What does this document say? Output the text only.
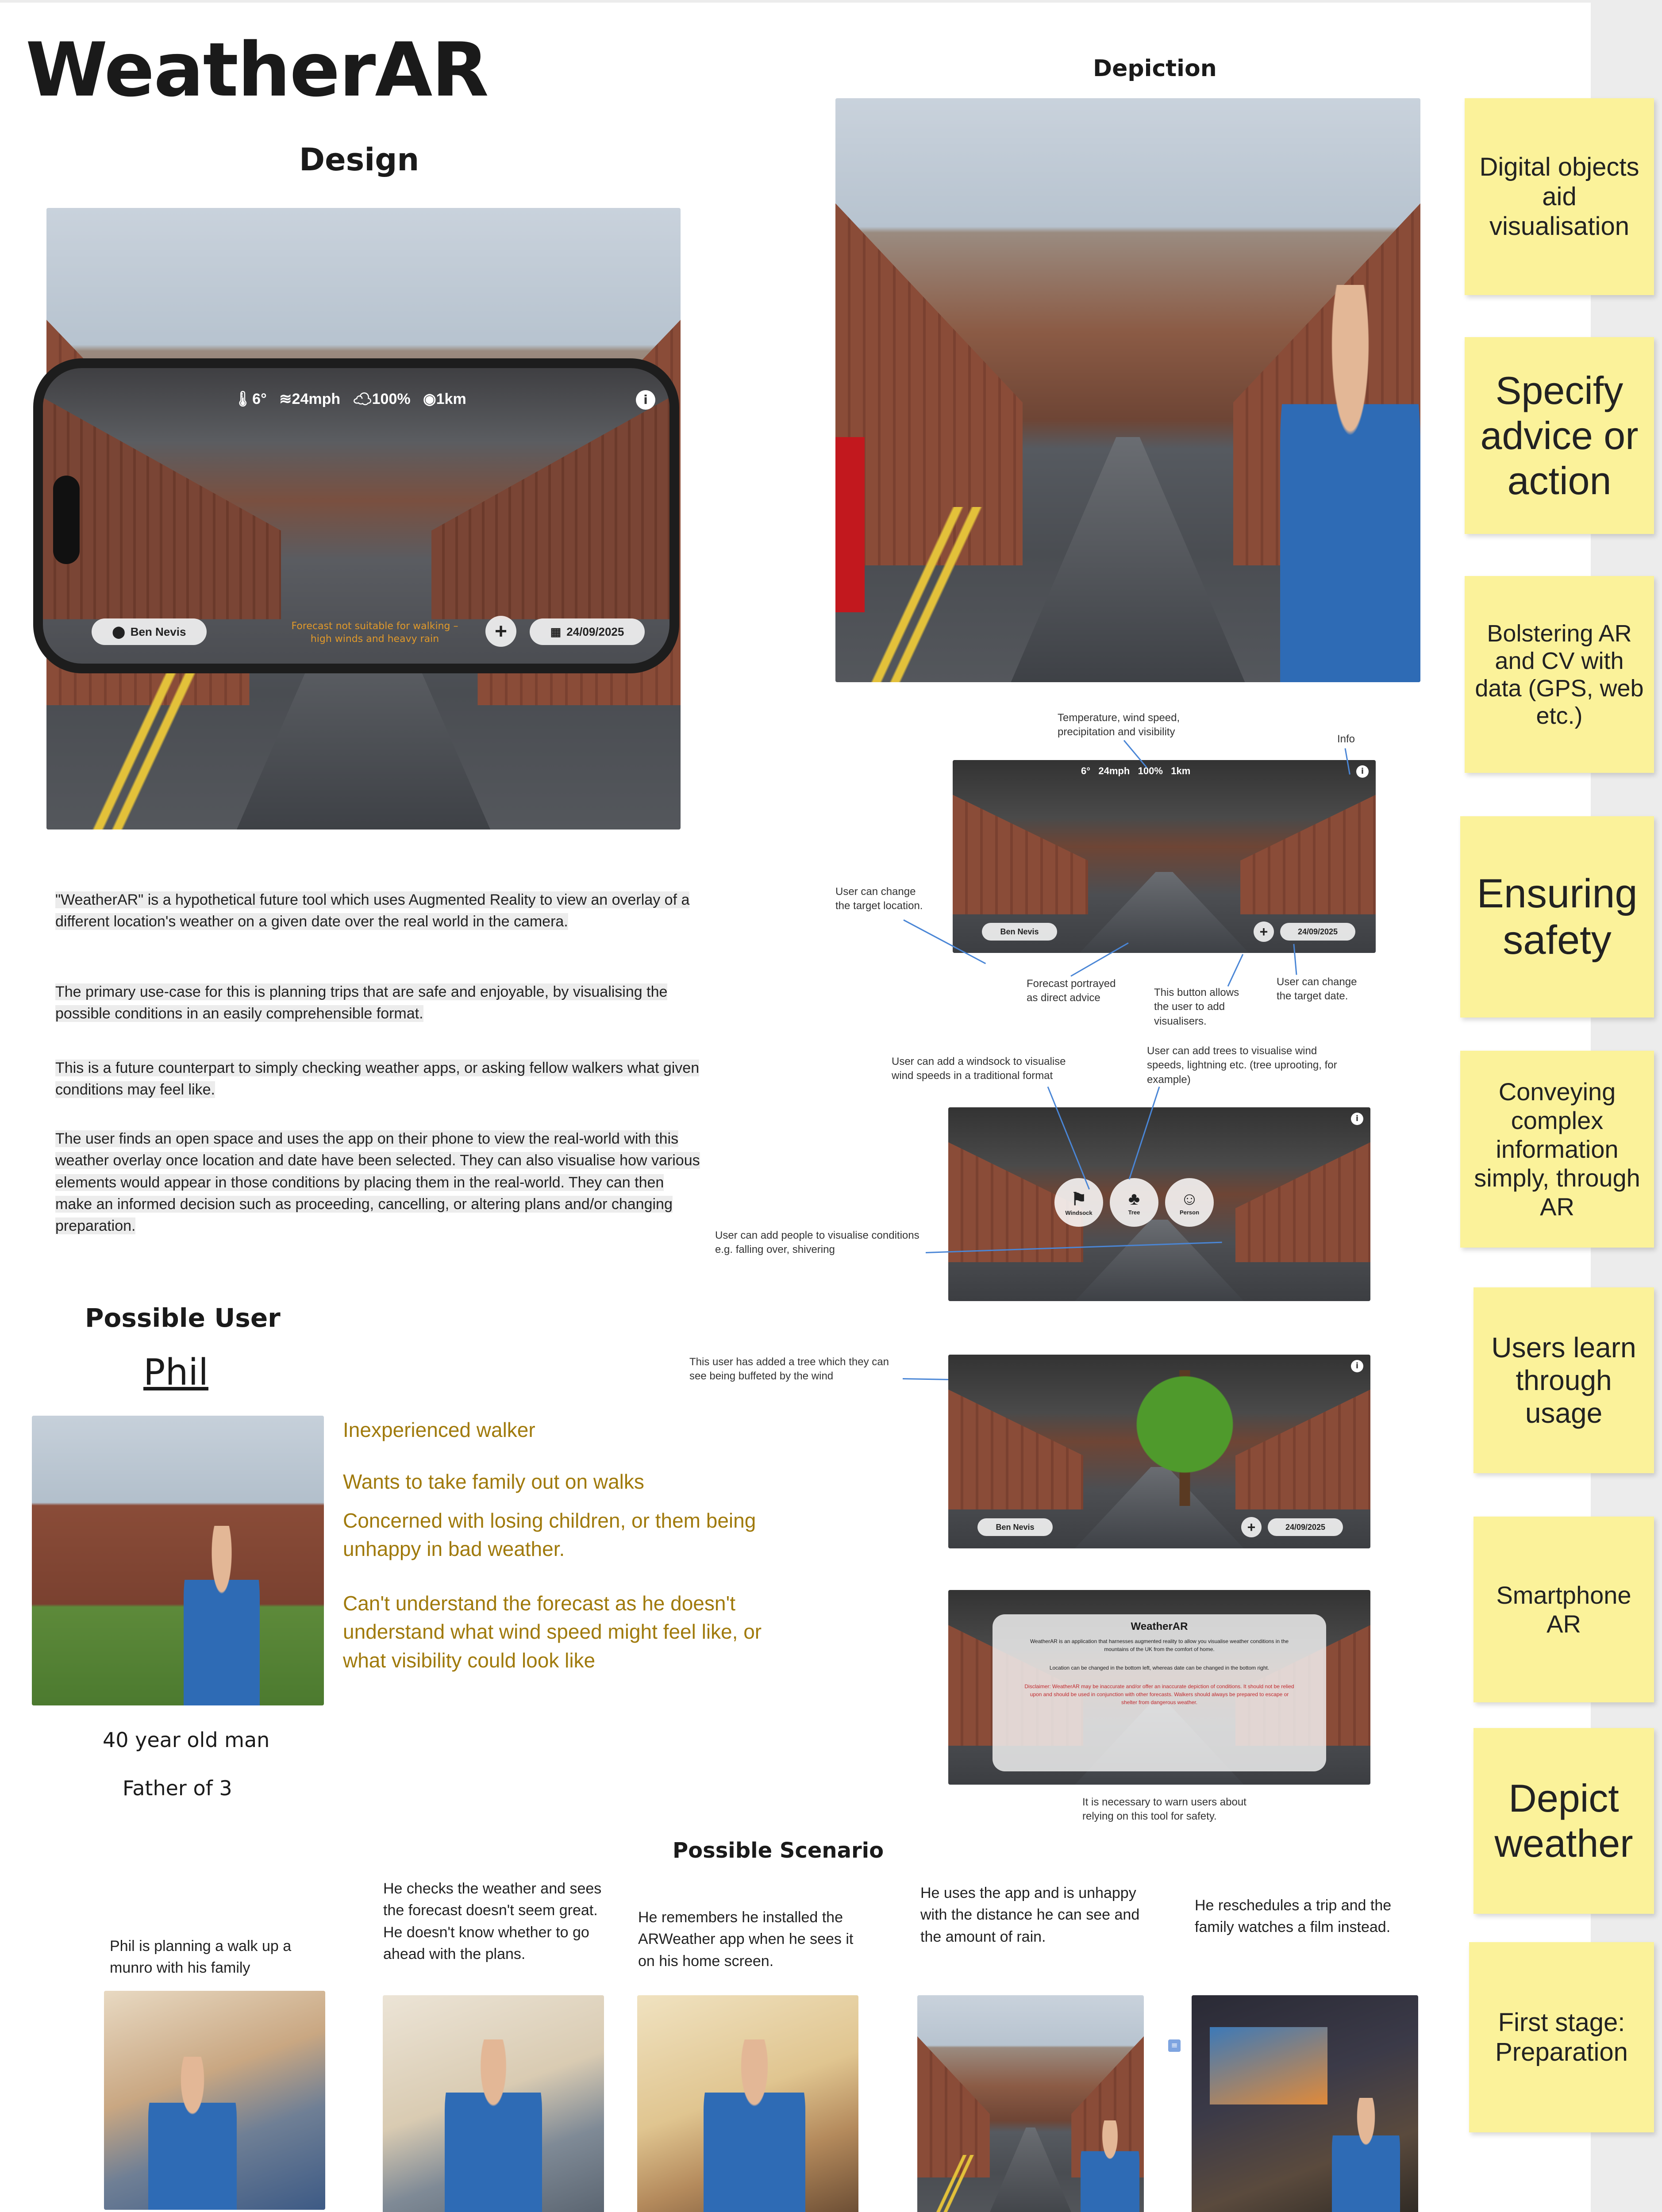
WeatherAR
Design
Depiction
🌡6° ≋24mph ☁100% ◉1km	i
⬤ Ben Nevis	Forecast not suitable for walking – high winds and heavy rain	+	▦ 24/09/2025
"WeatherAR" is a hypothetical future tool which uses Augmented Reality to view an overlay of a different location's weather on a given date over the real world in the camera.
The primary use-case for this is planning trips that are safe and enjoyable, by visualising the possible conditions in an easily comprehensible format.
This is a future counterpart to simply checking weather apps, or asking fellow walkers what given conditions may feel like.
The user finds an open space and uses the app on their phone to view the real-world with this weather overlay once location and date have been selected. They can also visualise how various elements would appear in those conditions by placing them in the real-world. They can then make an informed decision such as proceeding, cancelling, or altering plans and/or changing preparation.
Possible User
Phil
Inexperienced walker
Wants to take family out on walks
Concerned with losing children, or them being unhappy in bad weather.
Can't understand the forecast as he doesn't understand what wind speed might feel like, or what visibility could look like
40 year old man
Father of 3
Temperature, wind speed, precipitation and visibility
Info
6° 24mph 100% 1km	i
Ben Nevis	+	24/09/2025
User can change the target location.
Forecast portrayed as direct advice	This button allows the user to add visualisers.
User can change the target date.
User can add a windsock to visualise wind speeds in a traditional format
User can add trees to visualise wind speeds, lightning etc. (tree uprooting, for example)
i
⚑
Windsock
♣
Tree
☺
Person
User can add people to visualise conditions e.g. falling over, shivering
This user has added a tree which they can see being buffeted by the wind
i
Ben Nevis	+	24/09/2025
WeatherAR
WeatherAR is an application that harnesses augmented reality to allow you visualise weather conditions in the mountains of the UK from the comfort of home.
Location can be changed in the bottom left, whereas date can be changed in the bottom right.
Disclaimer: WeatherAR may be inaccurate and/or offer an inaccurate depiction of conditions. It should not be relied upon and should be used in conjunction with other forecasts. Walkers should always be prepared to escape or shelter from dangerous weather.
It is necessary to warn users about relying on this tool for safety.
Possible Scenario
Phil is planning a walk up a munro with his family
He checks the weather and sees the forecast doesn't seem great. He doesn't know whether to go ahead with the plans.
He remembers he installed the ARWeather app when he sees it on his home screen.
He uses the app and is unhappy with the distance he can see and the amount of rain.
He reschedules a trip and the family watches a film instead.
≡
Digital objects aid visualisation
Specify advice or action
Bolstering AR and CV with data (GPS, web etc.)
Ensuring safety
Conveying complex information simply, through AR
Users learn through usage
Smartphone AR
Depict weather
First stage: Preparation
